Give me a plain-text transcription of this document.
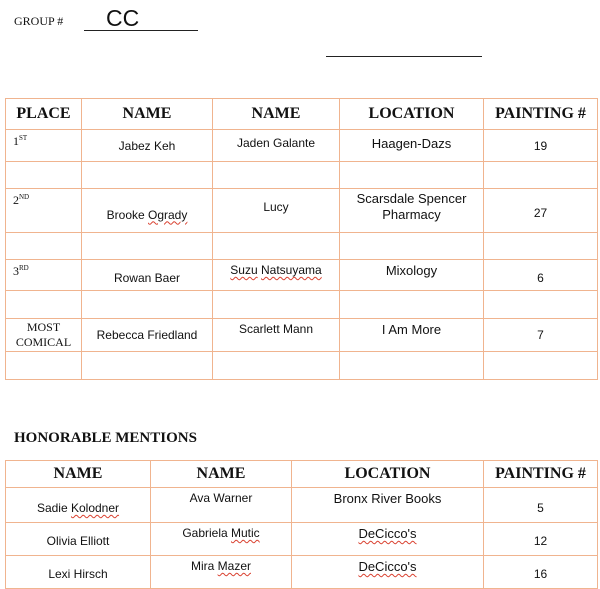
GROUP #	CC
PLACE	NAME	NAME	LOCATION	PAINTING #
1ST	Jabez Keh	Jaden Galante	Haagen-Dazs	19

2ND	Brooke Ogrady	Lucy	Scarsdale Spencer
Pharmacy	27

3RD	Rowan Baer	Suzu Natsuyama	Mixology	6

MOST
COMICAL	Rebecca Friedland	Scarlett Mann	I Am More	7

HONORABLE MENTIONS
NAME	NAME	LOCATION	PAINTING #
Sadie Kolodner	Ava Warner	Bronx River Books	5
Olivia Elliott	Gabriela Mutic	DeCicco's	12
Lexi Hirsch	Mira Mazer	DeCicco's	16
